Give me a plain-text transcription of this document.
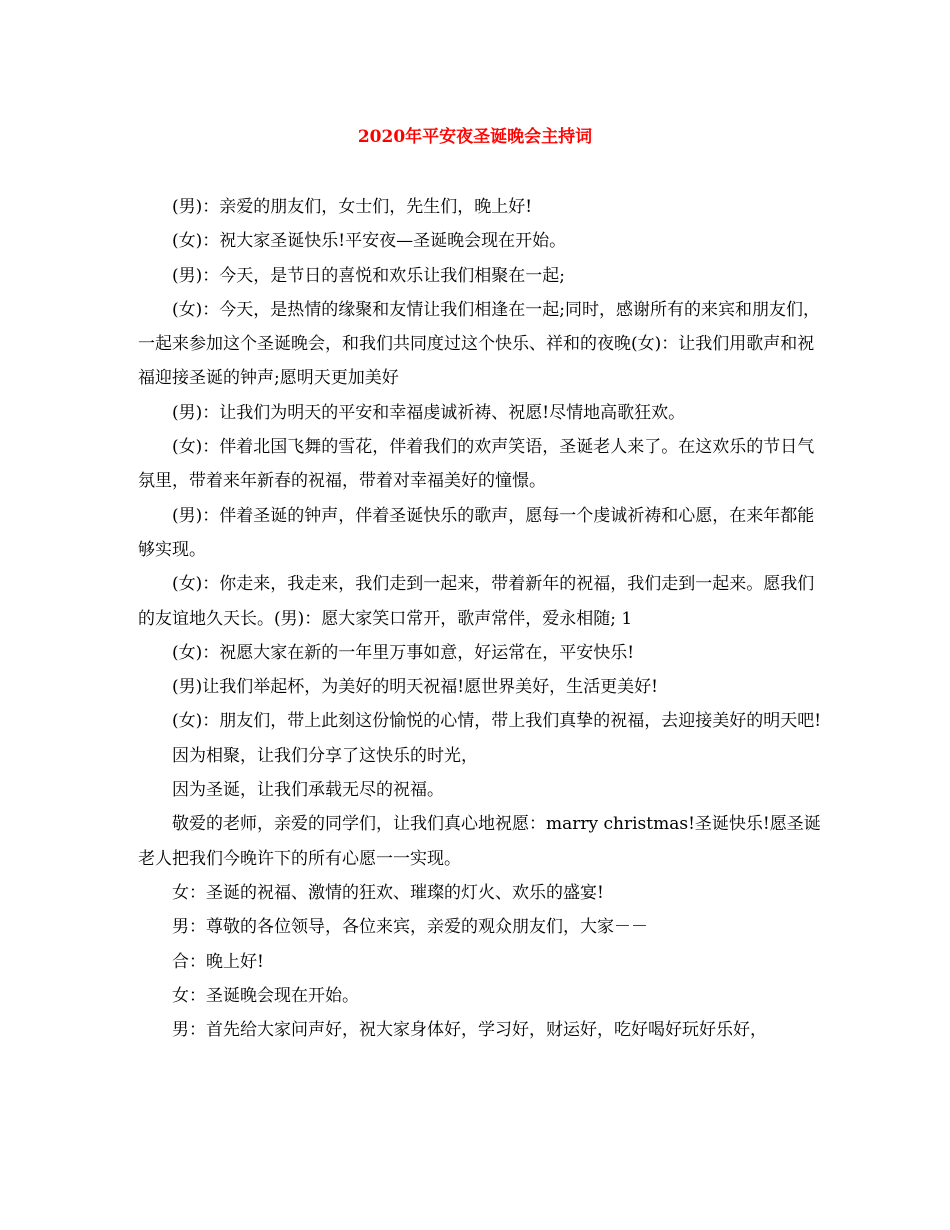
2020年平安夜圣诞晚会主持词

(男)：亲爱的朋友们，女士们，先生们，晚上好!

(女)：祝大家圣诞快乐!平安夜—圣诞晚会现在开始。

(男)：今天，是节日的喜悦和欢乐让我们相聚在一起;

(女)：今天，是热情的缘聚和友情让我们相逢在一起;同时，感谢所有的来宾和朋友们，一起来参加这个圣诞晚会，和我们共同度过这个快乐、祥和的夜晚(女)：让我们用歌声和祝福迎接圣诞的钟声;愿明天更加美好

(男)：让我们为明天的平安和幸福虔诚祈祷、祝愿!尽情地高歌狂欢。

(女)：伴着北国飞舞的雪花，伴着我们的欢声笑语，圣诞老人来了。在这欢乐的节日气氛里，带着来年新春的祝福，带着对幸福美好的憧憬。

(男)：伴着圣诞的钟声，伴着圣诞快乐的歌声，愿每一个虔诚祈祷和心愿，在来年都能够实现。

(女)：你走来，我走来，我们走到一起来，带着新年的祝福，我们走到一起来。愿我们的友谊地久天长。(男)：愿大家笑口常开，歌声常伴，爱永相随; 1

(女)：祝愿大家在新的一年里万事如意，好运常在，平安快乐!

(男)让我们举起杯，为美好的明天祝福!愿世界美好，生活更美好!

(女)：朋友们，带上此刻这份愉悦的心情，带上我们真挚的祝福，去迎接美好的明天吧!

因为相聚，让我们分享了这快乐的时光，

因为圣诞，让我们承载无尽的祝福。

敬爱的老师，亲爱的同学们，让我们真心地祝愿：marry christmas!圣诞快乐!愿圣诞老人把我们今晚许下的所有心愿一一实现。

女：圣诞的祝福、激情的狂欢、璀璨的灯火、欢乐的盛宴!

男：尊敬的各位领导，各位来宾，亲爱的观众朋友们，大家－－

合：晚上好!

女：圣诞晚会现在开始。

男：首先给大家问声好，祝大家身体好，学习好，财运好，吃好喝好玩好乐好，
